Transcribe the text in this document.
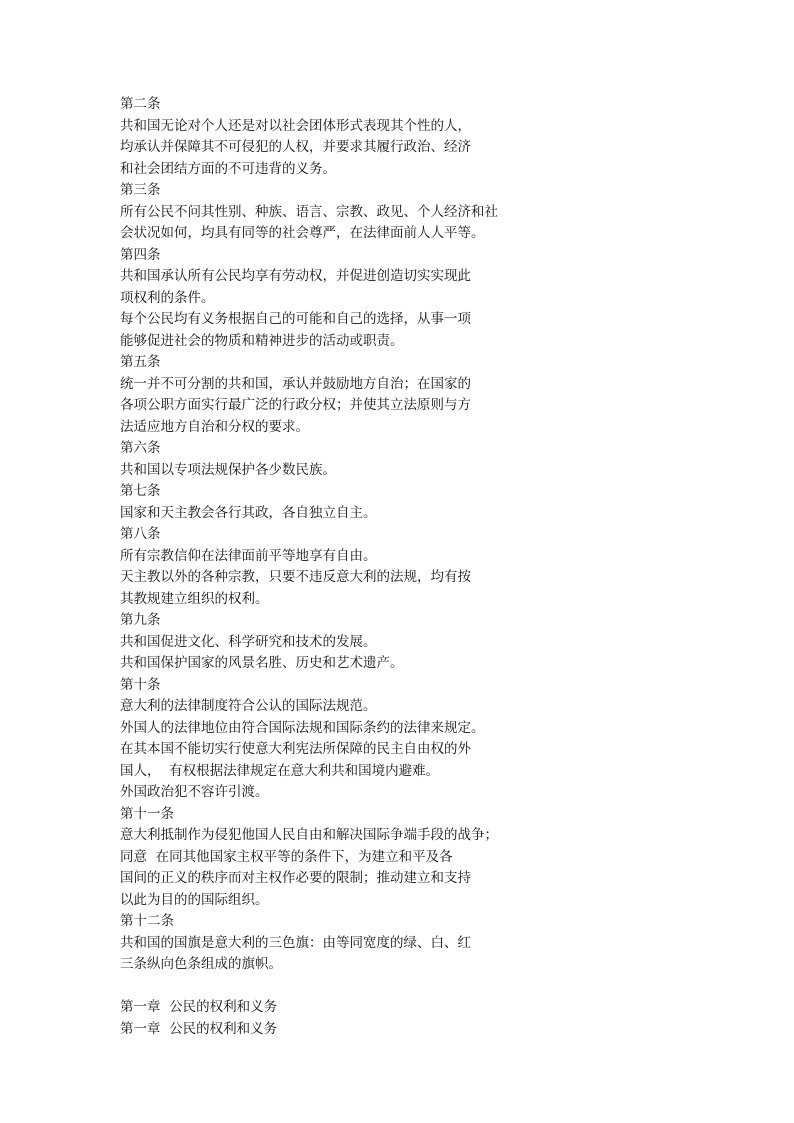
第二条

共和国无论对个人还是对以社会团体形式表现其个性的人，

均承认并保障其不可侵犯的人权，并要求其履行政治、经济

和社会团结方面的不可违背的义务。

第三条

所有公民不问其性别、种族、语言、宗教、政见、个人经济和社

会状况如何，均具有同等的社会尊严，在法律面前人人平等。

第四条

共和国承认所有公民均享有劳动权，并促进创造切实实现此

项权利的条件。

每个公民均有义务根据自己的可能和自己的选择，从事一项

能够促进社会的物质和精神进步的活动或职责。

第五条

统一并不可分割的共和国，承认并鼓励地方自治；在国家的

各项公职方面实行最广泛的行政分权；并使其立法原则与方

法适应地方自治和分权的要求。

第六条

共和国以专项法规保护各少数民族。

第七条

国家和天主教会各行其政，各自独立自主。

第八条

所有宗教信仰在法律面前平等地享有自由。

天主教以外的各种宗教，只要不违反意大利的法规，均有按

其教规建立组织的权利。

第九条

共和国促进文化、科学研究和技术的发展。

共和国保护国家的风景名胜、历史和艺术遗产。

第十条

意大利的法律制度符合公认的国际法规范。

外国人的法律地位由符合国际法规和国际条约的法律来规定。

在其本国不能切实行使意大利宪法所保障的民主自由权的外

国人，  有权根据法律规定在意大利共和国境内避难。

外国政治犯不容许引渡。

第十一条

意大利抵制作为侵犯他国人民自由和解决国际争端手段的战争；

同意  在同其他国家主权平等的条件下，为建立和平及各

国间的正义的秩序而对主权作必要的限制；推动建立和支持

以此为目的的国际组织。

第十二条

共和国的国旗是意大利的三色旗：由等同宽度的绿、白、红

三条纵向色条组成的旗帜。

第一章  公民的权利和义务

第一章  公民的权利和义务
